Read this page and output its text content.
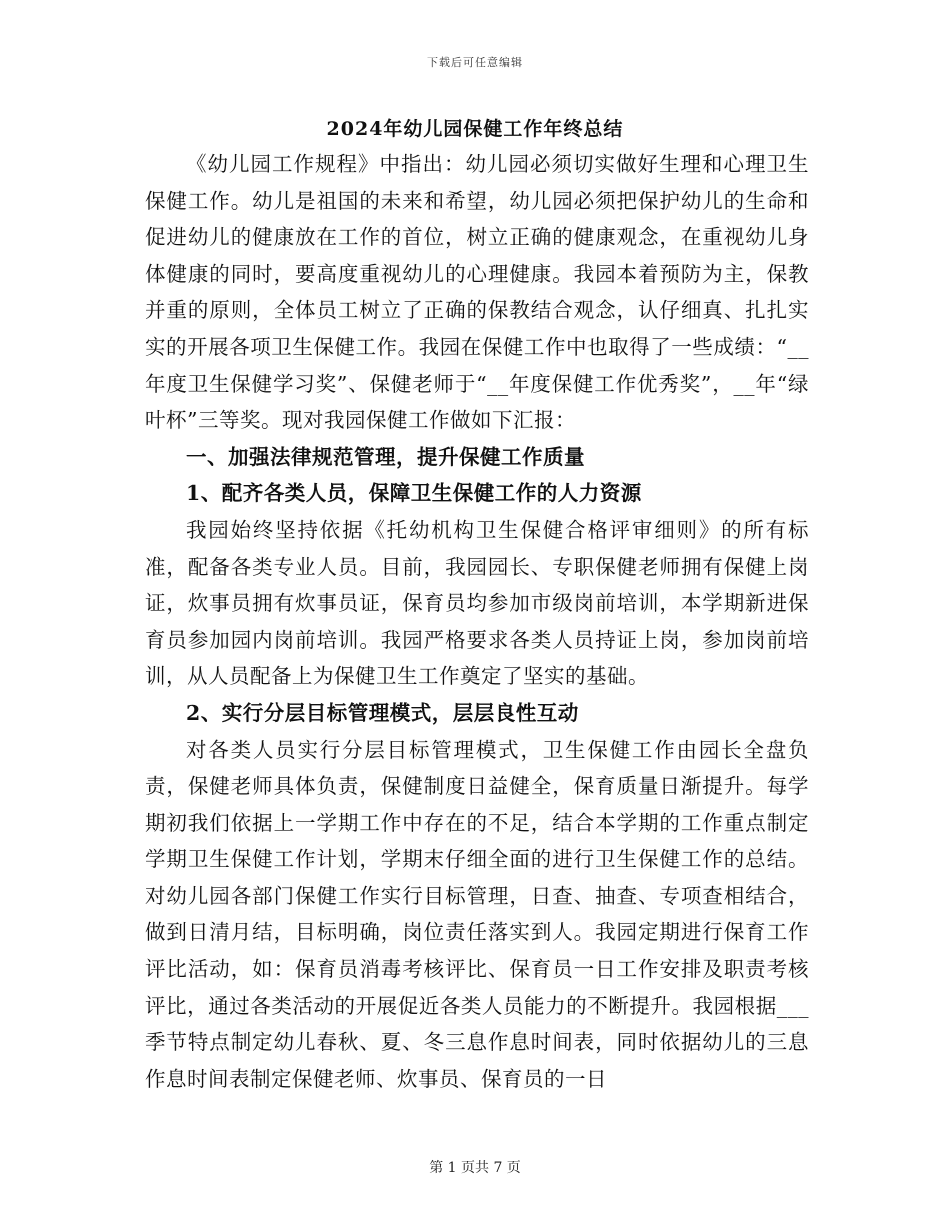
下载后可任意编辑
2024年幼儿园保健工作年终总结

《幼儿园工作规程》中指出：幼儿园必须切实做好生理和心理卫生保健工作。幼儿是祖国的未来和希望，幼儿园必须把保护幼儿的生命和促进幼儿的健康放在工作的首位，树立正确的健康观念，在重视幼儿身体健康的同时，要高度重视幼儿的心理健康。我园本着预防为主，保教并重的原则，全体员工树立了正确的保教结合观念，认仔细真、扎扎实实的开展各项卫生保健工作。我园在保健工作中也取得了一些成绩：“__年度卫生保健学习奖”、保健老师于“__年度保健工作优秀奖”，__年“绿叶杯”三等奖。现对我园保健工作做如下汇报：

一、加强法律规范管理，提升保健工作质量
1、配齐各类人员，保障卫生保健工作的人力资源

我园始终坚持依据《托幼机构卫生保健合格评审细则》的所有标准，配备各类专业人员。目前，我园园长、专职保健老师拥有保健上岗证，炊事员拥有炊事员证，保育员均参加市级岗前培训，本学期新进保育员参加园内岗前培训。我园严格要求各类人员持证上岗，参加岗前培训，从人员配备上为保健卫生工作奠定了坚实的基础。

2、实行分层目标管理模式，层层良性互动

对各类人员实行分层目标管理模式，卫生保健工作由园长全盘负责，保健老师具体负责，保健制度日益健全，保育质量日渐提升。每学期初我们依据上一学期工作中存在的不足，结合本学期的工作重点制定学期卫生保健工作计划，学期末仔细全面的进行卫生保健工作的总结。对幼儿园各部门保健工作实行目标管理，日查、抽查、专项查相结合，做到日清月结，目标明确，岗位责任落实到人。我园定期进行保育工作评比活动，如：保育员消毒考核评比、保育员一日工作安排及职责考核评比，通过各类活动的开展促近各类人员能力的不断提升。我园根据___季节特点制定幼儿春秋、夏、冬三息作息时间表，同时依据幼儿的三息作息时间表制定保健老师、炊事员、保育员的一日

第 1 页共 7 页
